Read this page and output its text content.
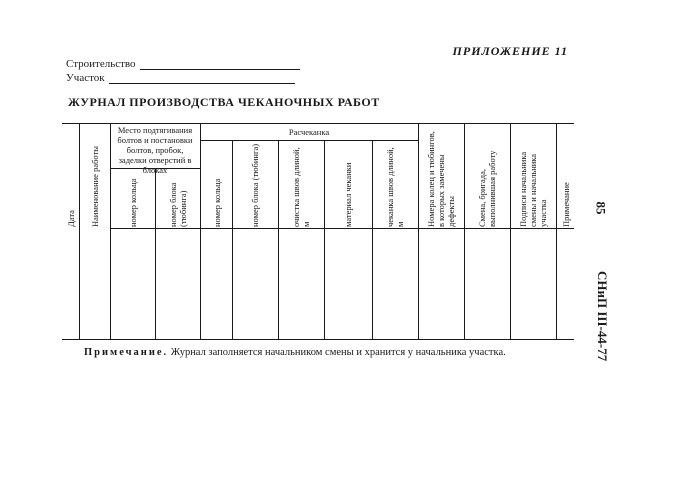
ПРИЛОЖЕНИЕ 11
Строительство
Участок
ЖУРНАЛ ПРОИЗВОДСТВА ЧЕКАНОЧНЫХ РАБОТ
Место подтягивания болтов и постановки болтов, пробок, заделки отверстий в блоках
Расчеканка
Дата	Наименование работы	номер кольца	номер блока (тюбинга)	номер кольца	номер блока (тюбинга)	очистка швов длиной, м	материал чеканки	чеканка швов длиной, м	Номера колец и тюбингов, в которых замечены дефекты	Смена, бригада, выполнившая работу	Подписи начальника смены и начальника участка	Примечание 85
СНиП III-44-77
Примечание. Журнал заполняется начальником смены и хранится у начальника участка.
